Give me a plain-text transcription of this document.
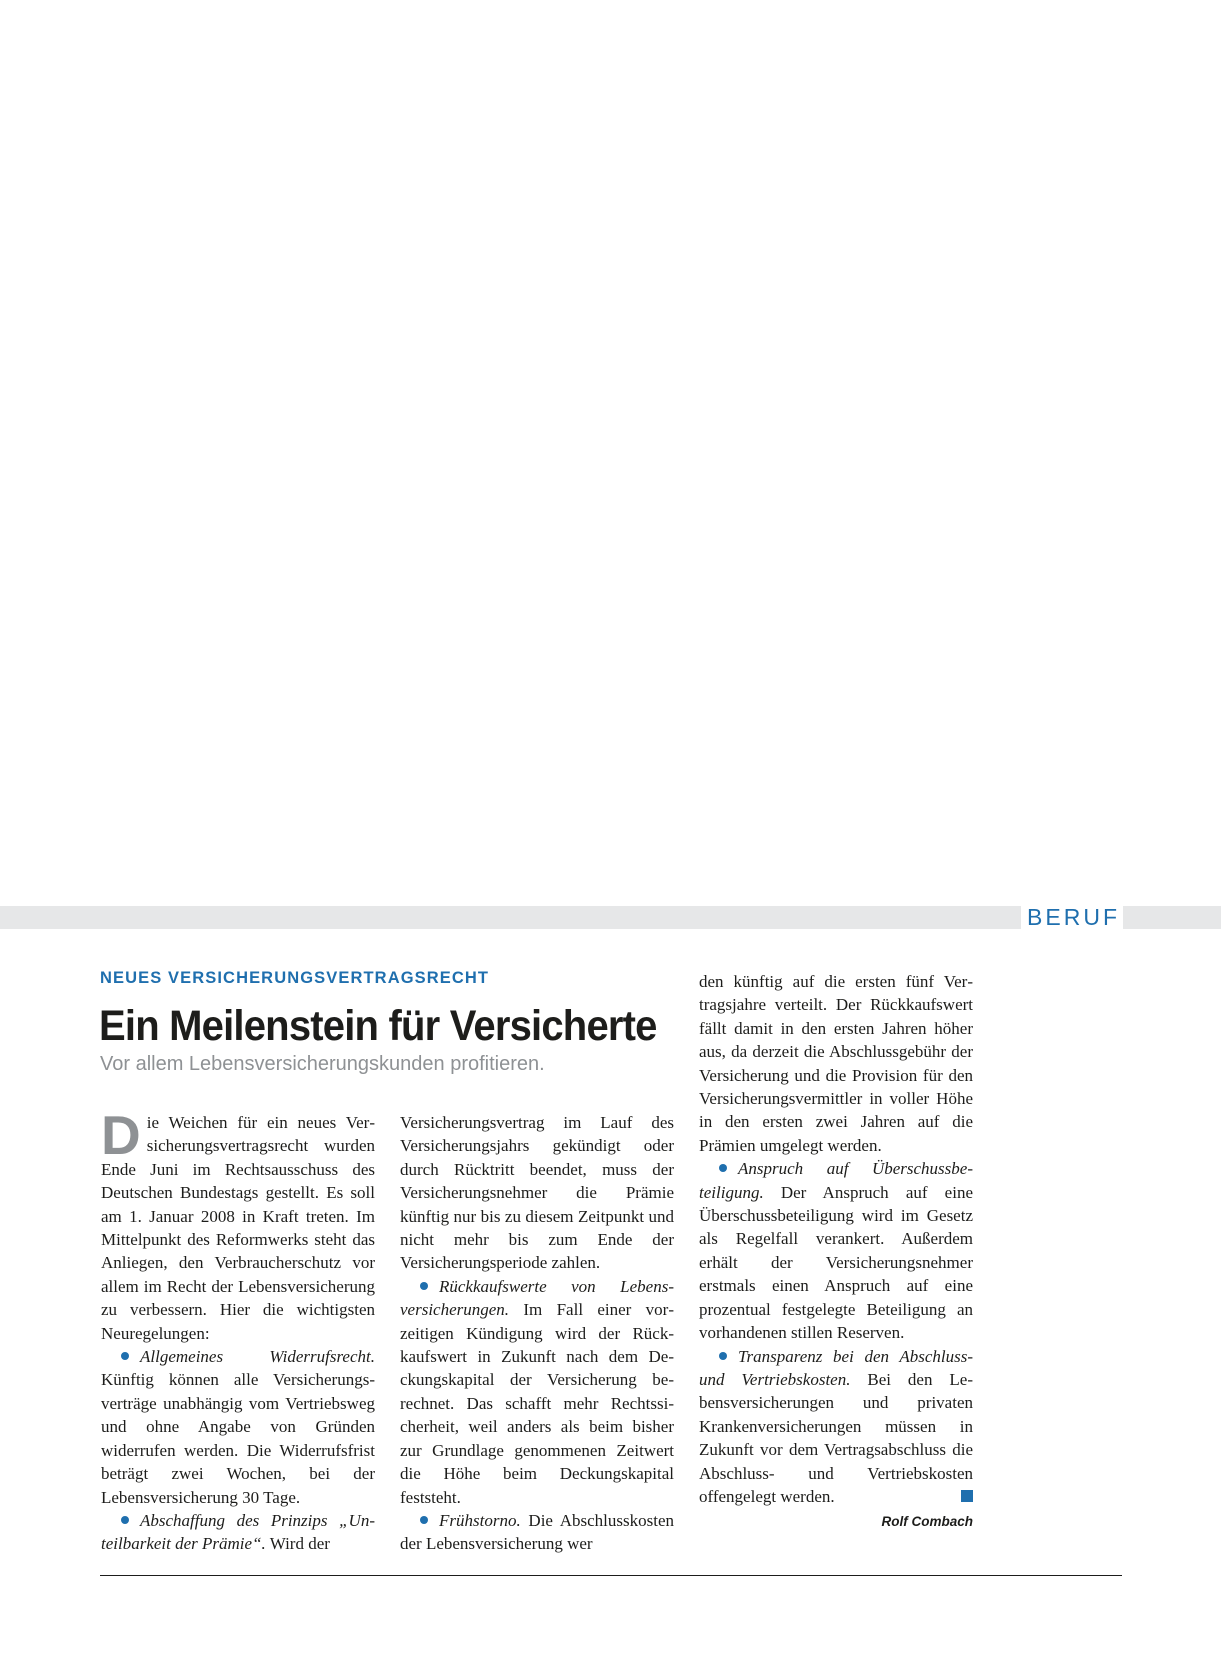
BERUF
NEUES VERSICHERUNGSVERTRAGSRECHT
Ein Meilenstein für Versicherte
Vor allem Lebensversicherungskunden profitieren.

Die Weichen für ein neues Versicherungsvertragsrecht wurden Ende Juni im Rechtsausschuss des Deutschen Bundestags gestellt. Es soll am 1. Januar 2008 in Kraft treten. Im Mittelpunkt des Reformwerks steht das Anliegen, den Verbraucherschutz vor allem im Recht der Lebensversicherung zu verbessern. Hier die wichtigsten Neuregelungen:

Allgemeines Widerrufsrecht. Künftig können alle Versicherungsverträge unabhängig vom Vertriebsweg und ohne Angabe von Gründen widerrufen werden. Die Widerrufsfrist beträgt zwei Wochen, bei der Lebensversicherung 30 Tage.

Abschaffung des Prinzips „Unteilbarkeit der Prämie“. Wird der

Versicherungsvertrag im Lauf des Versicherungsjahrs gekündigt oder durch Rücktritt beendet, muss der Versicherungsnehmer die Prämie künftig nur bis zu diesem Zeitpunkt und nicht mehr bis zum Ende der Versicherungsperiode zahlen.

Rückkaufswerte von Lebensversicherungen. Im Fall einer vorzeitigen Kündigung wird der Rückkaufswert in Zukunft nach dem Deckungskapital der Versicherung berechnet. Das schafft mehr Rechtssicherheit, weil anders als beim bisher zur Grundlage genommenen Zeitwert die Höhe beim Deckungskapital feststeht.

Frühstorno. Die Abschlusskosten der Lebensversicherung wer

den künftig auf die ersten fünf Vertragsjahre verteilt. Der Rückkaufswert fällt damit in den ersten Jahren höher aus, da derzeit die Abschlussgebühr der Versicherung und die Provision für den Versicherungsvermittler in voller Höhe in den ersten zwei Jahren auf die Prämien umgelegt werden.

Anspruch auf Überschussbeteiligung. Der Anspruch auf eine Überschussbeteiligung wird im Gesetz als Regelfall verankert. Außerdem erhält der Versicherungsnehmer erstmals einen Anspruch auf eine prozentual festgelegte Beteiligung an vorhandenen stillen Reserven.

Transparenz bei den Abschluss- und Vertriebskosten. Bei den Lebensversicherungen und privaten Krankenversicherungen müssen in Zukunft vor dem Vertragsabschluss die Abschluss- und Vertriebskosten offengelegt werden.

Rolf Combach
